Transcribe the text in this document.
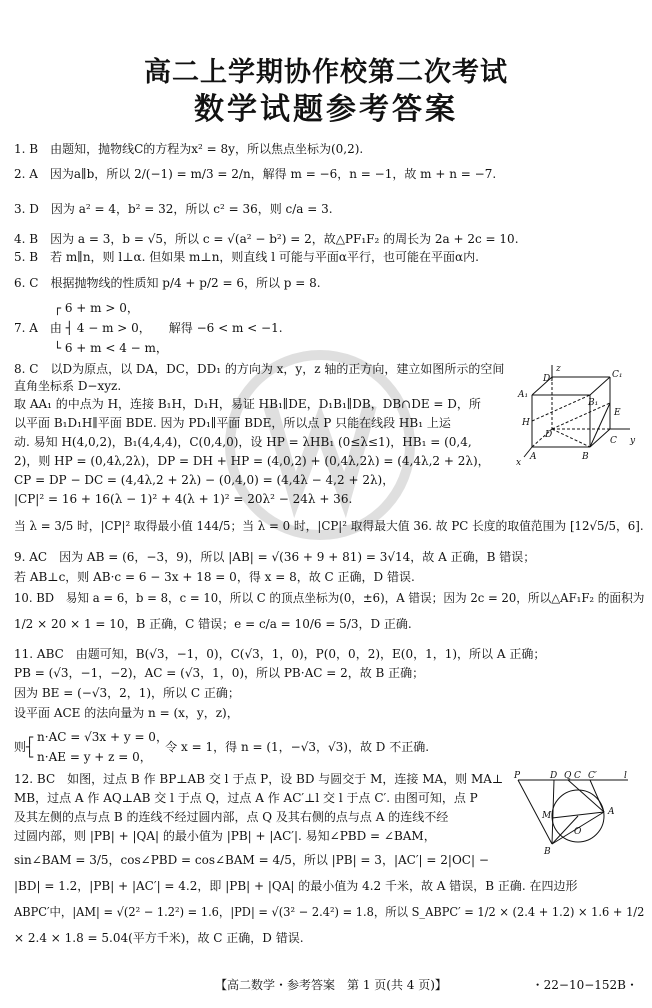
高二上学期协作校第二次考试
数学试题参考答案
1. B　由题知，抛物线C的方程为x² = 8y，所以焦点坐标为(0,2).
2. A　因为a∥b，所以 2/(−1) = m/3 = 2/n，解得 m = −6，n = −1，故 m + n = −7.
3. D　因为 a² = 4，b² = 32，所以 c² = 36，则 c/a = 3.
4. B　因为 a = 3，b = √5，所以 c = √(a² − b²) = 2，故△PF₁F₂ 的周长为 2a + 2c = 10.
5. B　若 m∥n，则 l⊥α. 但如果 m⊥n，则直线 l 可能与平面α平行，也可能在平面α内.
6. C　根据抛物线的性质知 p/4 + p/2 = 6，所以 p = 8.
　　　 ┌ 6 + m > 0，
7. A　由 ┤ 4 − m > 0，　　解得 −6 < m < −1.
　　　 └ 6 + m < 4 − m，
8. C　以D为原点，以 DA，DC，DD₁ 的方向为 x，y，z 轴的正方向，建立如图所示的空间
直角坐标系 D−xyz.
取 AA₁ 的中点为 H，连接 B₁H，D₁H，易证 HB₁∥DE，D₁B₁∥DB，DB∩DE = D，所
以平面 B₁D₁H∥平面 BDE. 因为 PD₁∥平面 BDE，所以点 P 只能在线段 HB₁ 上运
动. 易知 H(4,0,2)，B₁(4,4,4)，C(0,4,0)，设 HP = λHB₁ (0≤λ≤1)，HB₁ = (0,4,
2)，则 HP = (0,4λ,2λ)，DP = DH + HP = (4,0,2) + (0,4λ,2λ) = (4,4λ,2 + 2λ)，
CP = DP − DC = (4,4λ,2 + 2λ) − (0,4,0) = (4,4λ − 4,2 + 2λ)，
|CP|² = 16 + 16(λ − 1)² + 4(λ + 1)² = 20λ² − 24λ + 36.
当 λ = 3/5 时，|CP|² 取得最小值 144/5；当 λ = 0 时，|CP|² 取得最大值 36. 故 PC 长度的取值范围为 [12√5/5，6].
9. AC　因为 AB = (6，−3，9)，所以 |AB| = √(36 + 9 + 81) = 3√14，故 A 正确，B 错误；
若 AB⊥c，则 AB·c = 6 − 3x + 18 = 0，得 x = 8，故 C 正确，D 错误.
10. BD　易知 a = 6，b = 8，c = 10，所以 C 的顶点坐标为(0，±6)，A 错误；因为 2c = 20，所以△AF₁F₂ 的面积为
1/2 × 20 × 1 = 10，B 正确，C 错误；e = c/a = 10/6 = 5/3，D 正确.
11. ABC　由题可知，B(√3，−1，0)，C(√3，1，0)，P(0，0，2)，E(0，1，1)，所以 A 正确；
PB = (√3，−1，−2)，AC = (√3，1，0)，所以 PB·AC = 2，故 B 正确；
因为 BE = (−√3，2，1)，所以 C 正确；
设平面 ACE 的法向量为 n = (x，y，z)，
　┌ n·AC = √3x + y = 0，
则┤　　　　　　　　　　　令 x = 1，得 n = (1，−√3，√3)，故 D 不正确.
　└ n·AE = y + z = 0，
12. BC　如图，过点 B 作 BP⊥AB 交 l 于点 P，设 BD 与圆交于 M，连接 MA，则 MA⊥
MB，过点 A 作 AQ⊥AB 交 l 于点 Q，过点 A 作 AC′⊥l 交 l 于点 C′. 由图可知，点 P
及其左侧的点与点 B 的连线不经过圆内部，点 Q 及其右侧的点与点 A 的连线不经
过圆内部，则 |PB| + |QA| 的最小值为 |PB| + |AC′|. 易知∠PBD = ∠BAM，
sin∠BAM = 3/5，cos∠PBD = cos∠BAM = 4/5，所以 |PB| = 3，|AC′| = 2|OC| −
|BD| = 1.2，|PB| + |AC′| = 4.2，即 |PB| + |QA| 的最小值为 4.2 千米，故 A 错误，B 正确. 在四边形
ABPC′中，|AM| = √(2² − 1.2²) = 1.6，|PD| = √(3² − 2.4²) = 1.8，所以 S_ABPC′ = 1/2 × (2.4 + 1.2) × 1.6 + 1/2
× 2.4 × 1.8 = 5.04(平方千米)，故 C 正确，D 错误.
z
D₁	C₁
A₁
B₁
H
E
D
C y
A	B
x
P	D Q C C′	l
M	A
O
B
【高二数学・参考答案　第 1 页(共 4 页)】	・22−10−152B・
